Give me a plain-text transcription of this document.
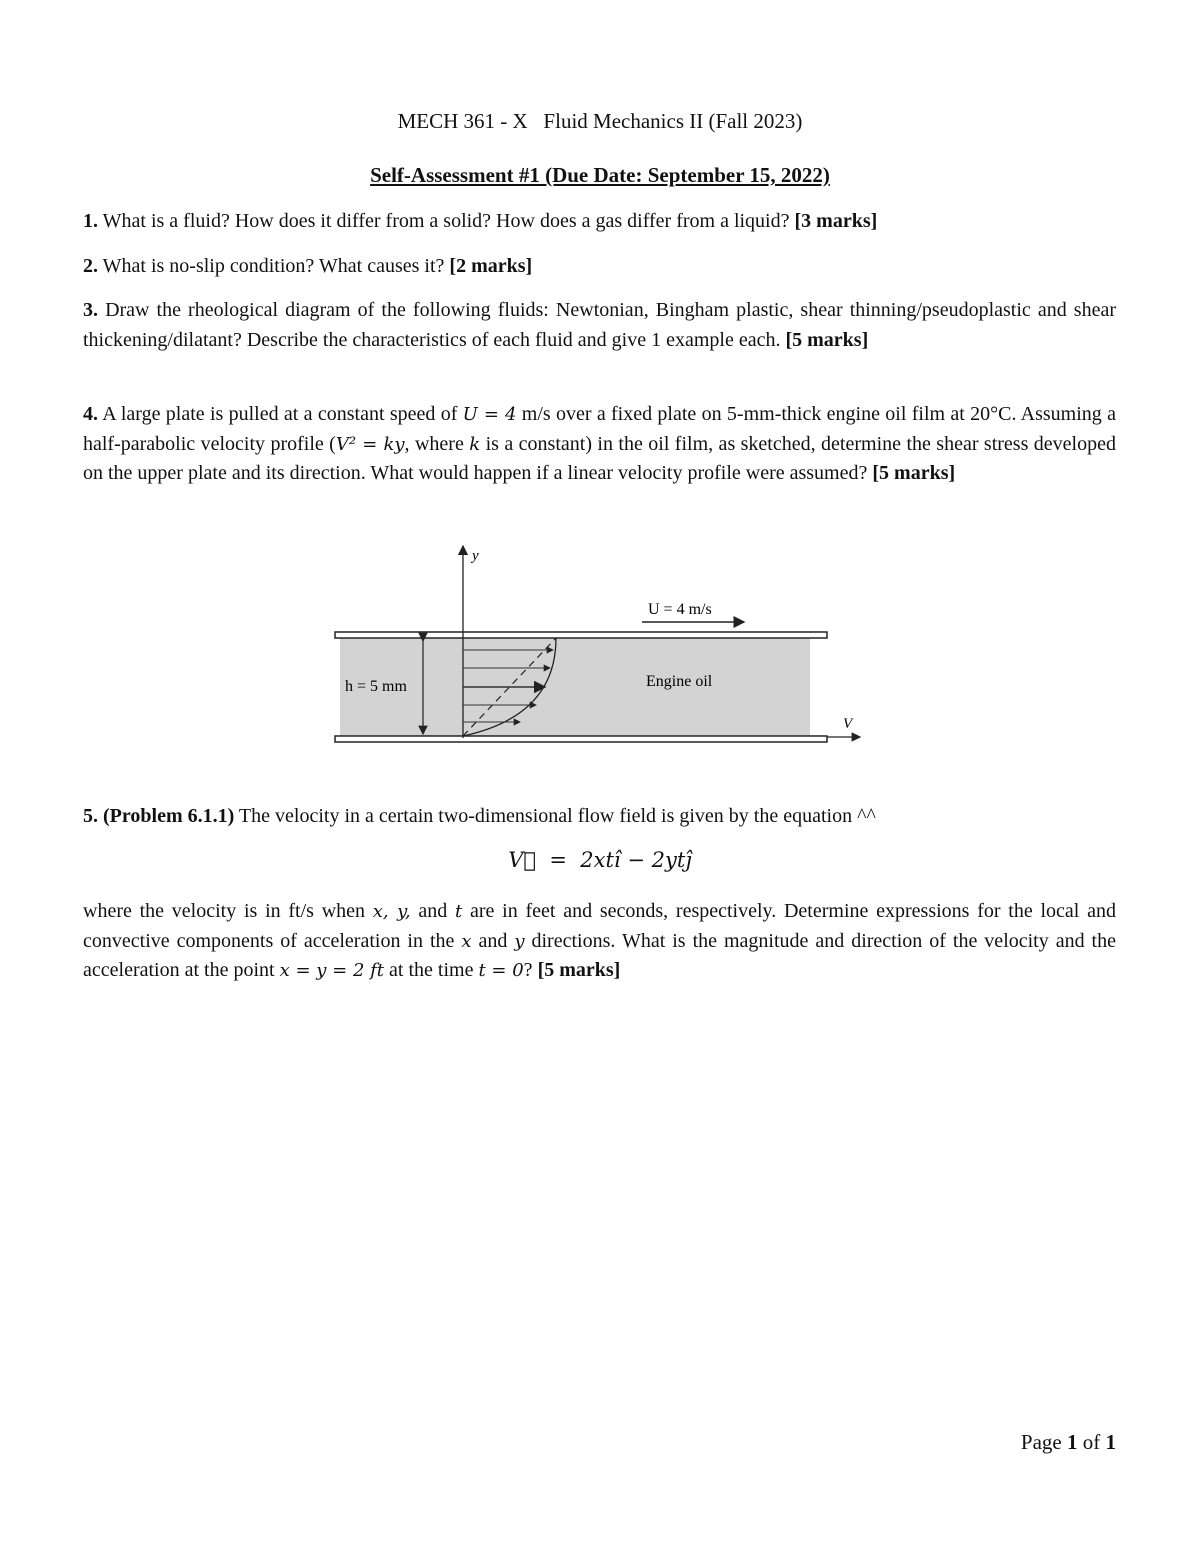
MECH 361 - X   Fluid Mechanics II (Fall 2023)
Self-Assessment #1 (Due Date: September 15, 2022)
1. What is a fluid? How does it differ from a solid? How does a gas differ from a liquid? [3 marks]
2. What is no-slip condition? What causes it? [2 marks]
3. Draw the rheological diagram of the following fluids: Newtonian, Bingham plastic, shear thinning/pseudoplastic and shear thickening/dilatant? Describe the characteristics of each fluid and give 1 example each. [5 marks]
4. A large plate is pulled at a constant speed of U = 4 m/s over a fixed plate on 5-mm-thick engine oil film at 20°C. Assuming a half-parabolic velocity profile (V² = ky, where k is a constant) in the oil film, as sketched, determine the shear stress developed on the upper plate and its direction. What would happen if a linear velocity profile were assumed? [5 marks]
y
U = 4 m/s
h = 5 mm	Engine oil
V
5. (Problem 6.1.1) The velocity in a certain two-dimensional flow field is given by the equation ^^
V⃗  =  2xtî − 2ytĵ
where the velocity is in ft/s when x, y, and t are in feet and seconds, respectively. Determine expressions for the local and convective components of acceleration in the x and y directions. What is the magnitude and direction of the velocity and the acceleration at the point x = y = 2 ft at the time t = 0? [5 marks]
Page 1 of 1
